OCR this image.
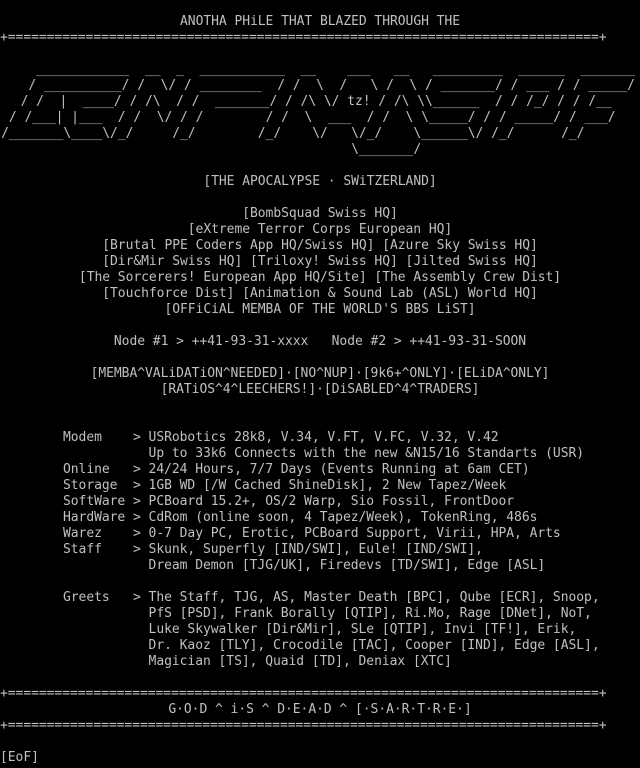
ANOTHA PHiLE THAT BLAZED THROUGH THE
+============================================================================+
____________  __  _  ___________  __    ___   __   _________  ______  _______
/ __________/ /  \/ / ________  / /  \  /   \ /  \ / _______/ / ___ / / _____/
/ /  |  ____/ / /\  / /  _______/ / /\ \/ tz! / /\ \\______  / / /_/ / / /__
/ /___| |___  / /  \/ / /        / /  \  ___  / /  \ \_____/ / / _____/ / ___/
/_______\____\/_/     /_/        /_/    \/   \/_/    \______\/ /_/      /_/
\_______/
[THE APOCALYPSE · SWiTZERLAND]
[BombSquad Swiss HQ]
[eXtreme Terror Corps European HQ]
[Brutal PPE Coders App HQ/Swiss HQ] [Azure Sky Swiss HQ]
[Dir&Mir Swiss HQ] [Triloxy! Swiss HQ] [Jilted Swiss HQ]
[The Sorcerers! European App HQ/Site] [The Assembly Crew Dist]
[Touchforce Dist] [Animation & Sound Lab (ASL) World HQ]
[OFFiCiAL MEMBA OF THE WORLD'S BBS LiST]
Node #1 > ++41-93-31-xxxx   Node #2 > ++41-93-31-SOON
[MEMBA^VALiDATiON^NEEDED]·[NO^NUP]·[9k6+^ONLY]·[ELiDA^ONLY]
[RATiOS^4^LEECHERS!]·[DiSABLED^4^TRADERS]
Modem    > USRobotics 28k8, V.34, V.FT, V.FC, V.32, V.42
Up to 33k6 Connects with the new &N15/16 Standarts (USR)
Online   > 24/24 Hours, 7/7 Days (Events Running at 6am CET)
Storage  > 1GB WD [/W Cached ShineDisk], 2 New Tapez/Week
SoftWare > PCBoard 15.2+, OS/2 Warp, Sio Fossil, FrontDoor
HardWare > CdRom (online soon, 4 Tapez/Week), TokenRing, 486s
Warez    > 0-7 Day PC, Erotic, PCBoard Support, Virii, HPA, Arts
Staff    > Skunk, Superfly [IND/SWI], Eule! [IND/SWI],
Dream Demon [TJG/UK], Firedevs [TD/SWI], Edge [ASL]
Greets   > The Staff, TJG, AS, Master Death [BPC], Qube [ECR], Snoop,
PfS [PSD], Frank Borally [QTIP], Ri.Mo, Rage [DNet], NoT,
Luke Skywalker [Dir&Mir], SLe [QTIP], Invi [TF!], Erik,
Dr. Kaoz [TLY], Crocodile [TAC], Cooper [IND], Edge [ASL],
Magician [TS], Quaid [TD], Deniax [XTC]
+============================================================================+
G·O·D ^ i·S ^ D·E·A·D ^ [·S·A·R·T·R·E·]
+============================================================================+
[EoF]
